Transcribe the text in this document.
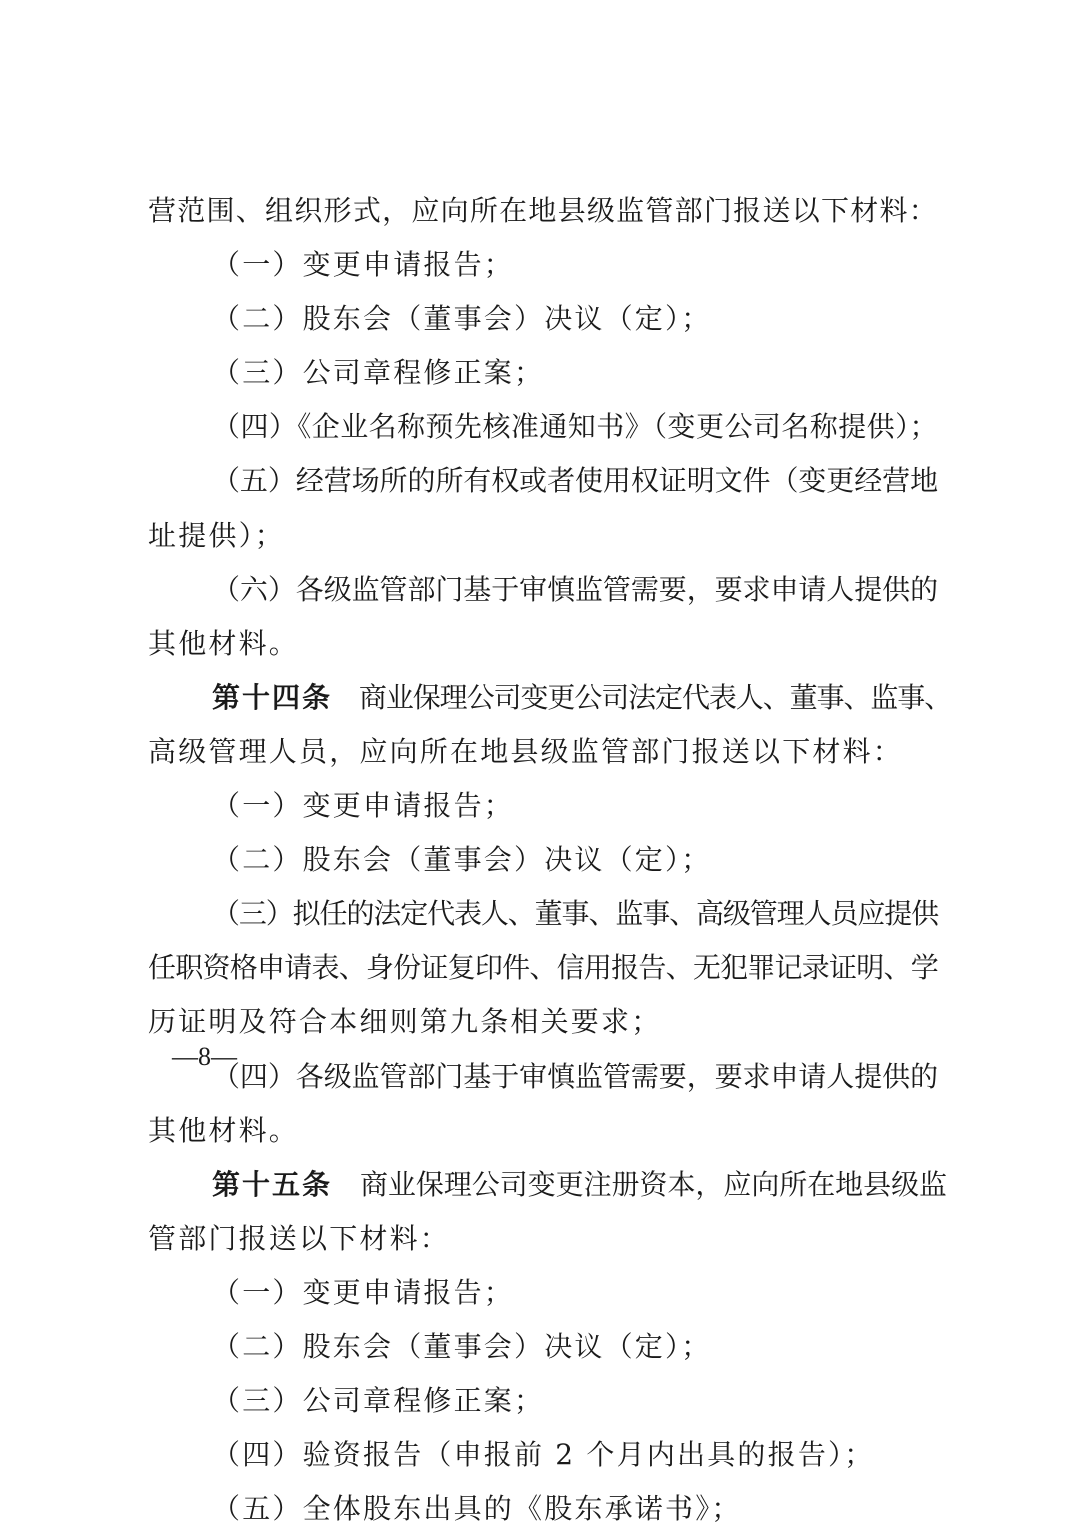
营范围、组织形式，应向所在地县级监管部门报送以下材料：
（一）变更申请报告；
（二）股东会（董事会）决议（定）；
（三）公司章程修正案；
（四）《企业名称预先核准通知书》（变更公司名称提供）；
（五）经营场所的所有权或者使用权证明文件（变更经营地
址提供）；
（六）各级监管部门基于审慎监管需要，要求申请人提供的
其他材料。
第十四条　商业保理公司变更公司法定代表人、董事、监事、
高级管理人员，应向所在地县级监管部门报送以下材料：
（一）变更申请报告；
（二）股东会（董事会）决议（定）；
（三）拟任的法定代表人、董事、监事、高级管理人员应提供
任职资格申请表、身份证复印件、信用报告、无犯罪记录证明、学
历证明及符合本细则第九条相关要求；
（四）各级监管部门基于审慎监管需要，要求申请人提供的
其他材料。
第十五条　商业保理公司变更注册资本，应向所在地县级监
管部门报送以下材料：
（一）变更申请报告；
（二）股东会（董事会）决议（定）；
（三）公司章程修正案；
（四）验资报告（申报前 2 个月内出具的报告）；
（五）全体股东出具的《股东承诺书》；
—8—
